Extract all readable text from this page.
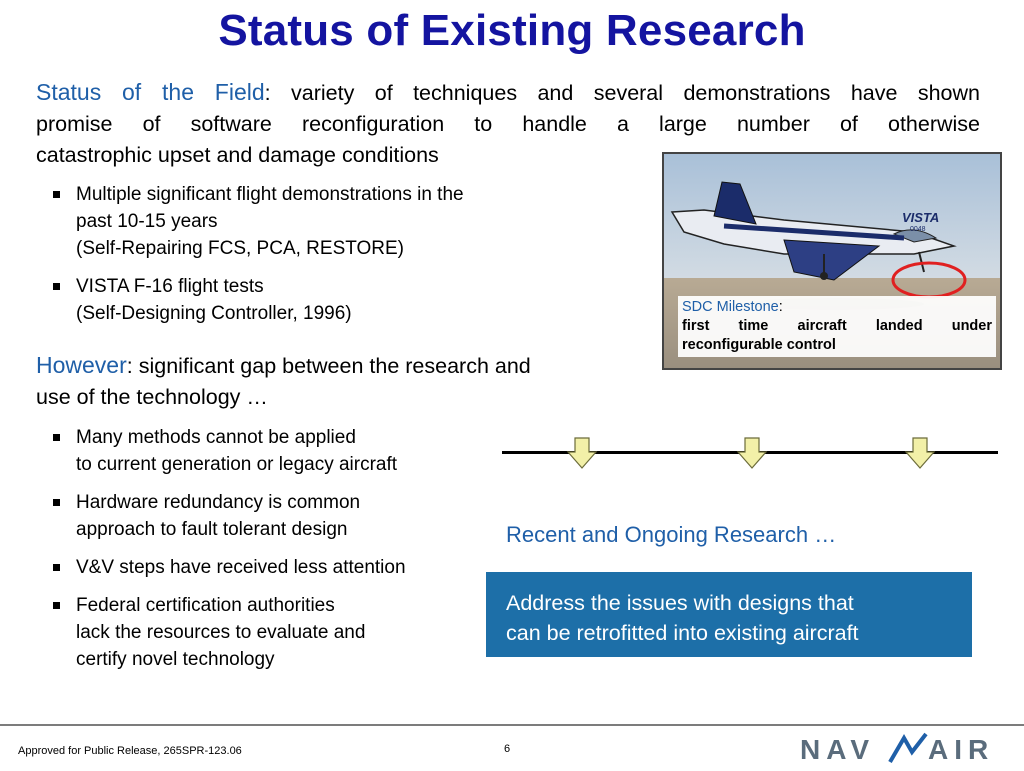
Status of Existing Research
Status of the Field: variety of techniques and several demonstrations have shown
promise of software reconfiguration to handle a large number of otherwise
catastrophic upset and damage conditions
Multiple significant flight demonstrations in the
past 10-15 years
(Self-Repairing FCS, PCA, RESTORE)
VISTA F-16 flight tests
(Self-Designing Controller, 1996)
However: significant gap between the research and
use of the technology …
Many methods cannot be applied
to current generation or legacy aircraft
Hardware redundancy is common
approach to fault tolerant design
V&V steps have received less attention
Federal certification authorities
lack the resources to evaluate and
certify novel technology
VISTA
0048
SDC Milestone:
first time aircraft landed under reconfigurable control
Recent and Ongoing Research …
Address the issues with designs that
can be retrofitted into existing aircraft
Approved for Public Release, 265SPR-123.06	6	NAV AIR
